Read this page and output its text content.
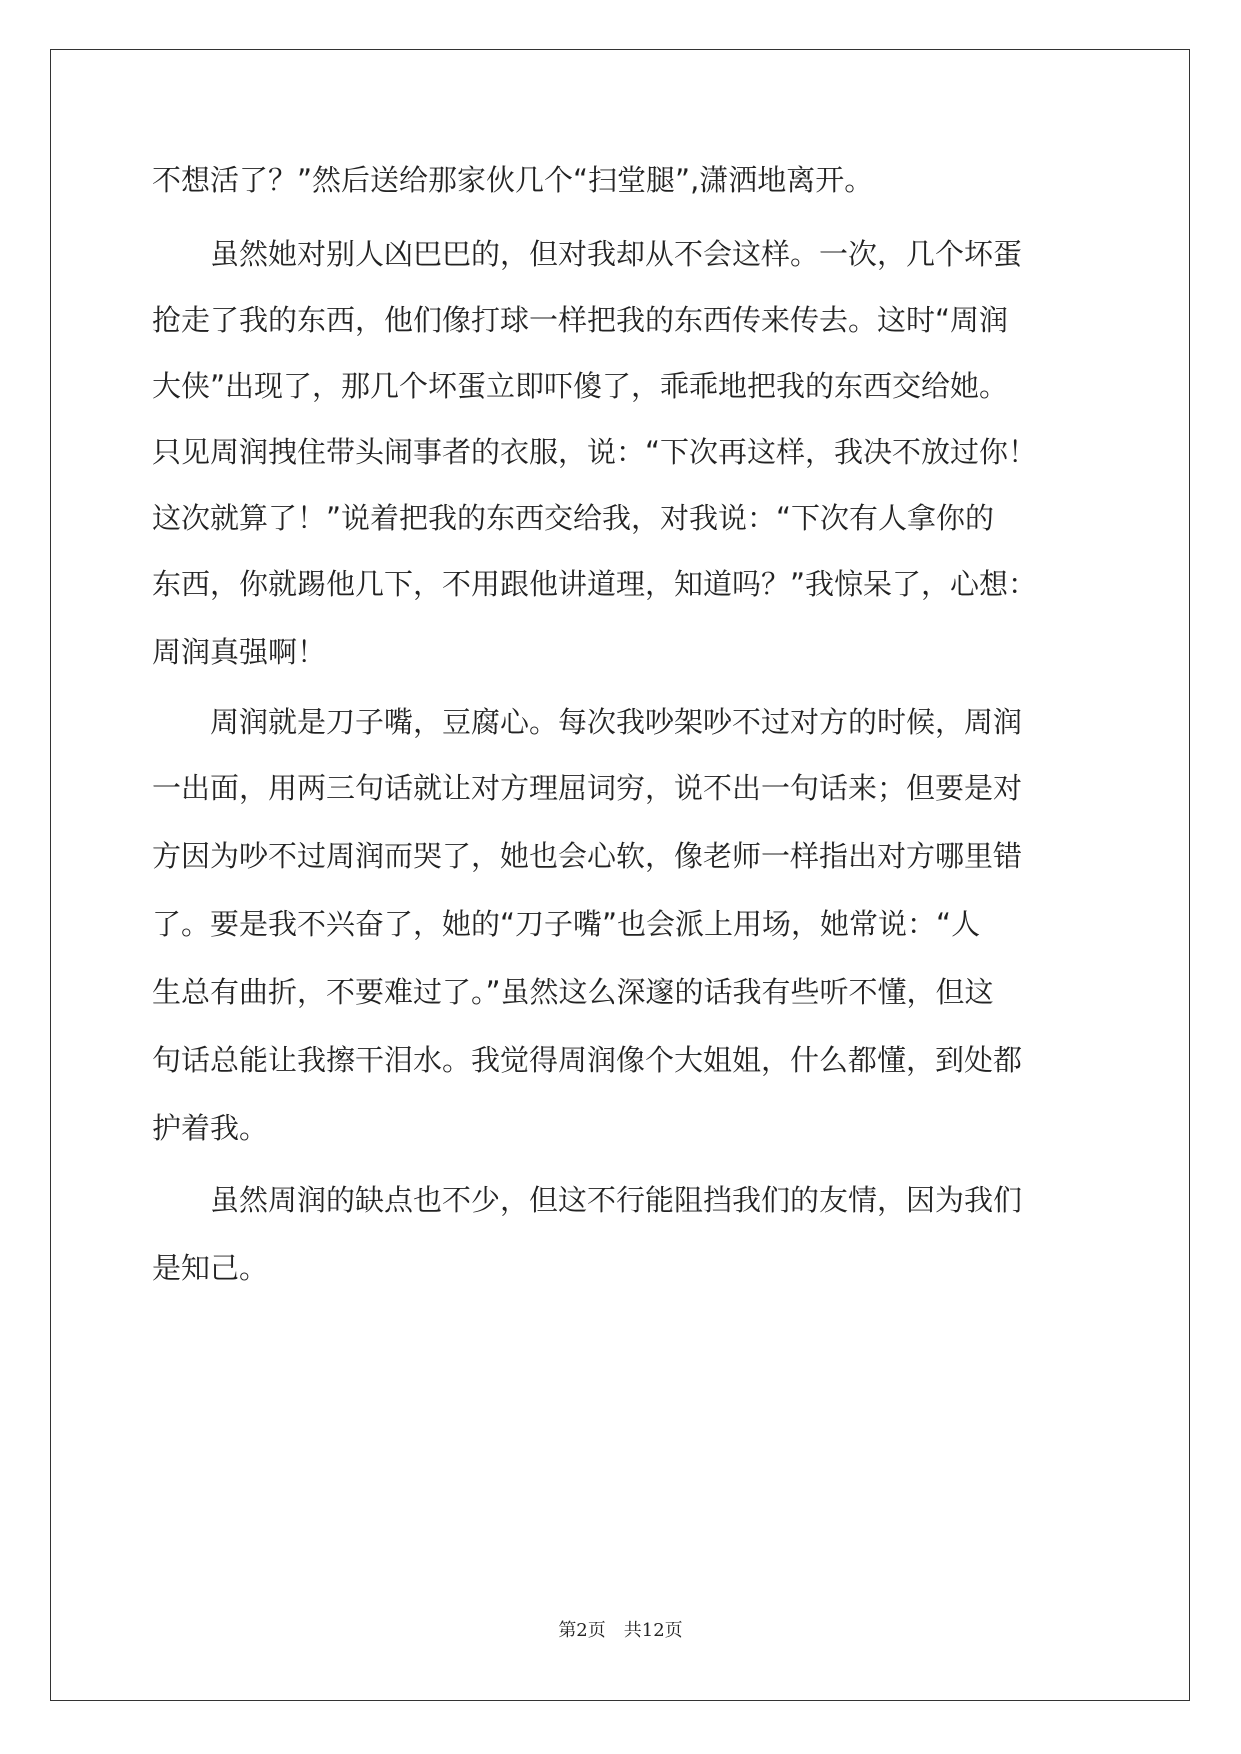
不想活了？”然后送给那家伙几个“扫堂腿”,潇洒地离开。
虽然她对别人凶巴巴的，但对我却从不会这样。一次，几个坏蛋
抢走了我的东西，他们像打球一样把我的东西传来传去。这时“周润
大侠”出现了，那几个坏蛋立即吓傻了，乖乖地把我的东西交给她。
只见周润拽住带头闹事者的衣服，说：“下次再这样，我决不放过你！
这次就算了！”说着把我的东西交给我，对我说：“下次有人拿你的
东西，你就踢他几下，不用跟他讲道理，知道吗？”我惊呆了，心想：
周润真强啊！
周润就是刀子嘴，豆腐心。每次我吵架吵不过对方的时候，周润
一出面，用两三句话就让对方理屈词穷，说不出一句话来；但要是对
方因为吵不过周润而哭了，她也会心软，像老师一样指出对方哪里错
了。要是我不兴奋了，她的“刀子嘴”也会派上用场，她常说：“人
生总有曲折，不要难过了。”虽然这么深邃的话我有些听不懂，但这
句话总能让我擦干泪水。我觉得周润像个大姐姐，什么都懂，到处都
护着我。
虽然周润的缺点也不少，但这不行能阻挡我们的友情，因为我们
是知己。
第2页　共12页
